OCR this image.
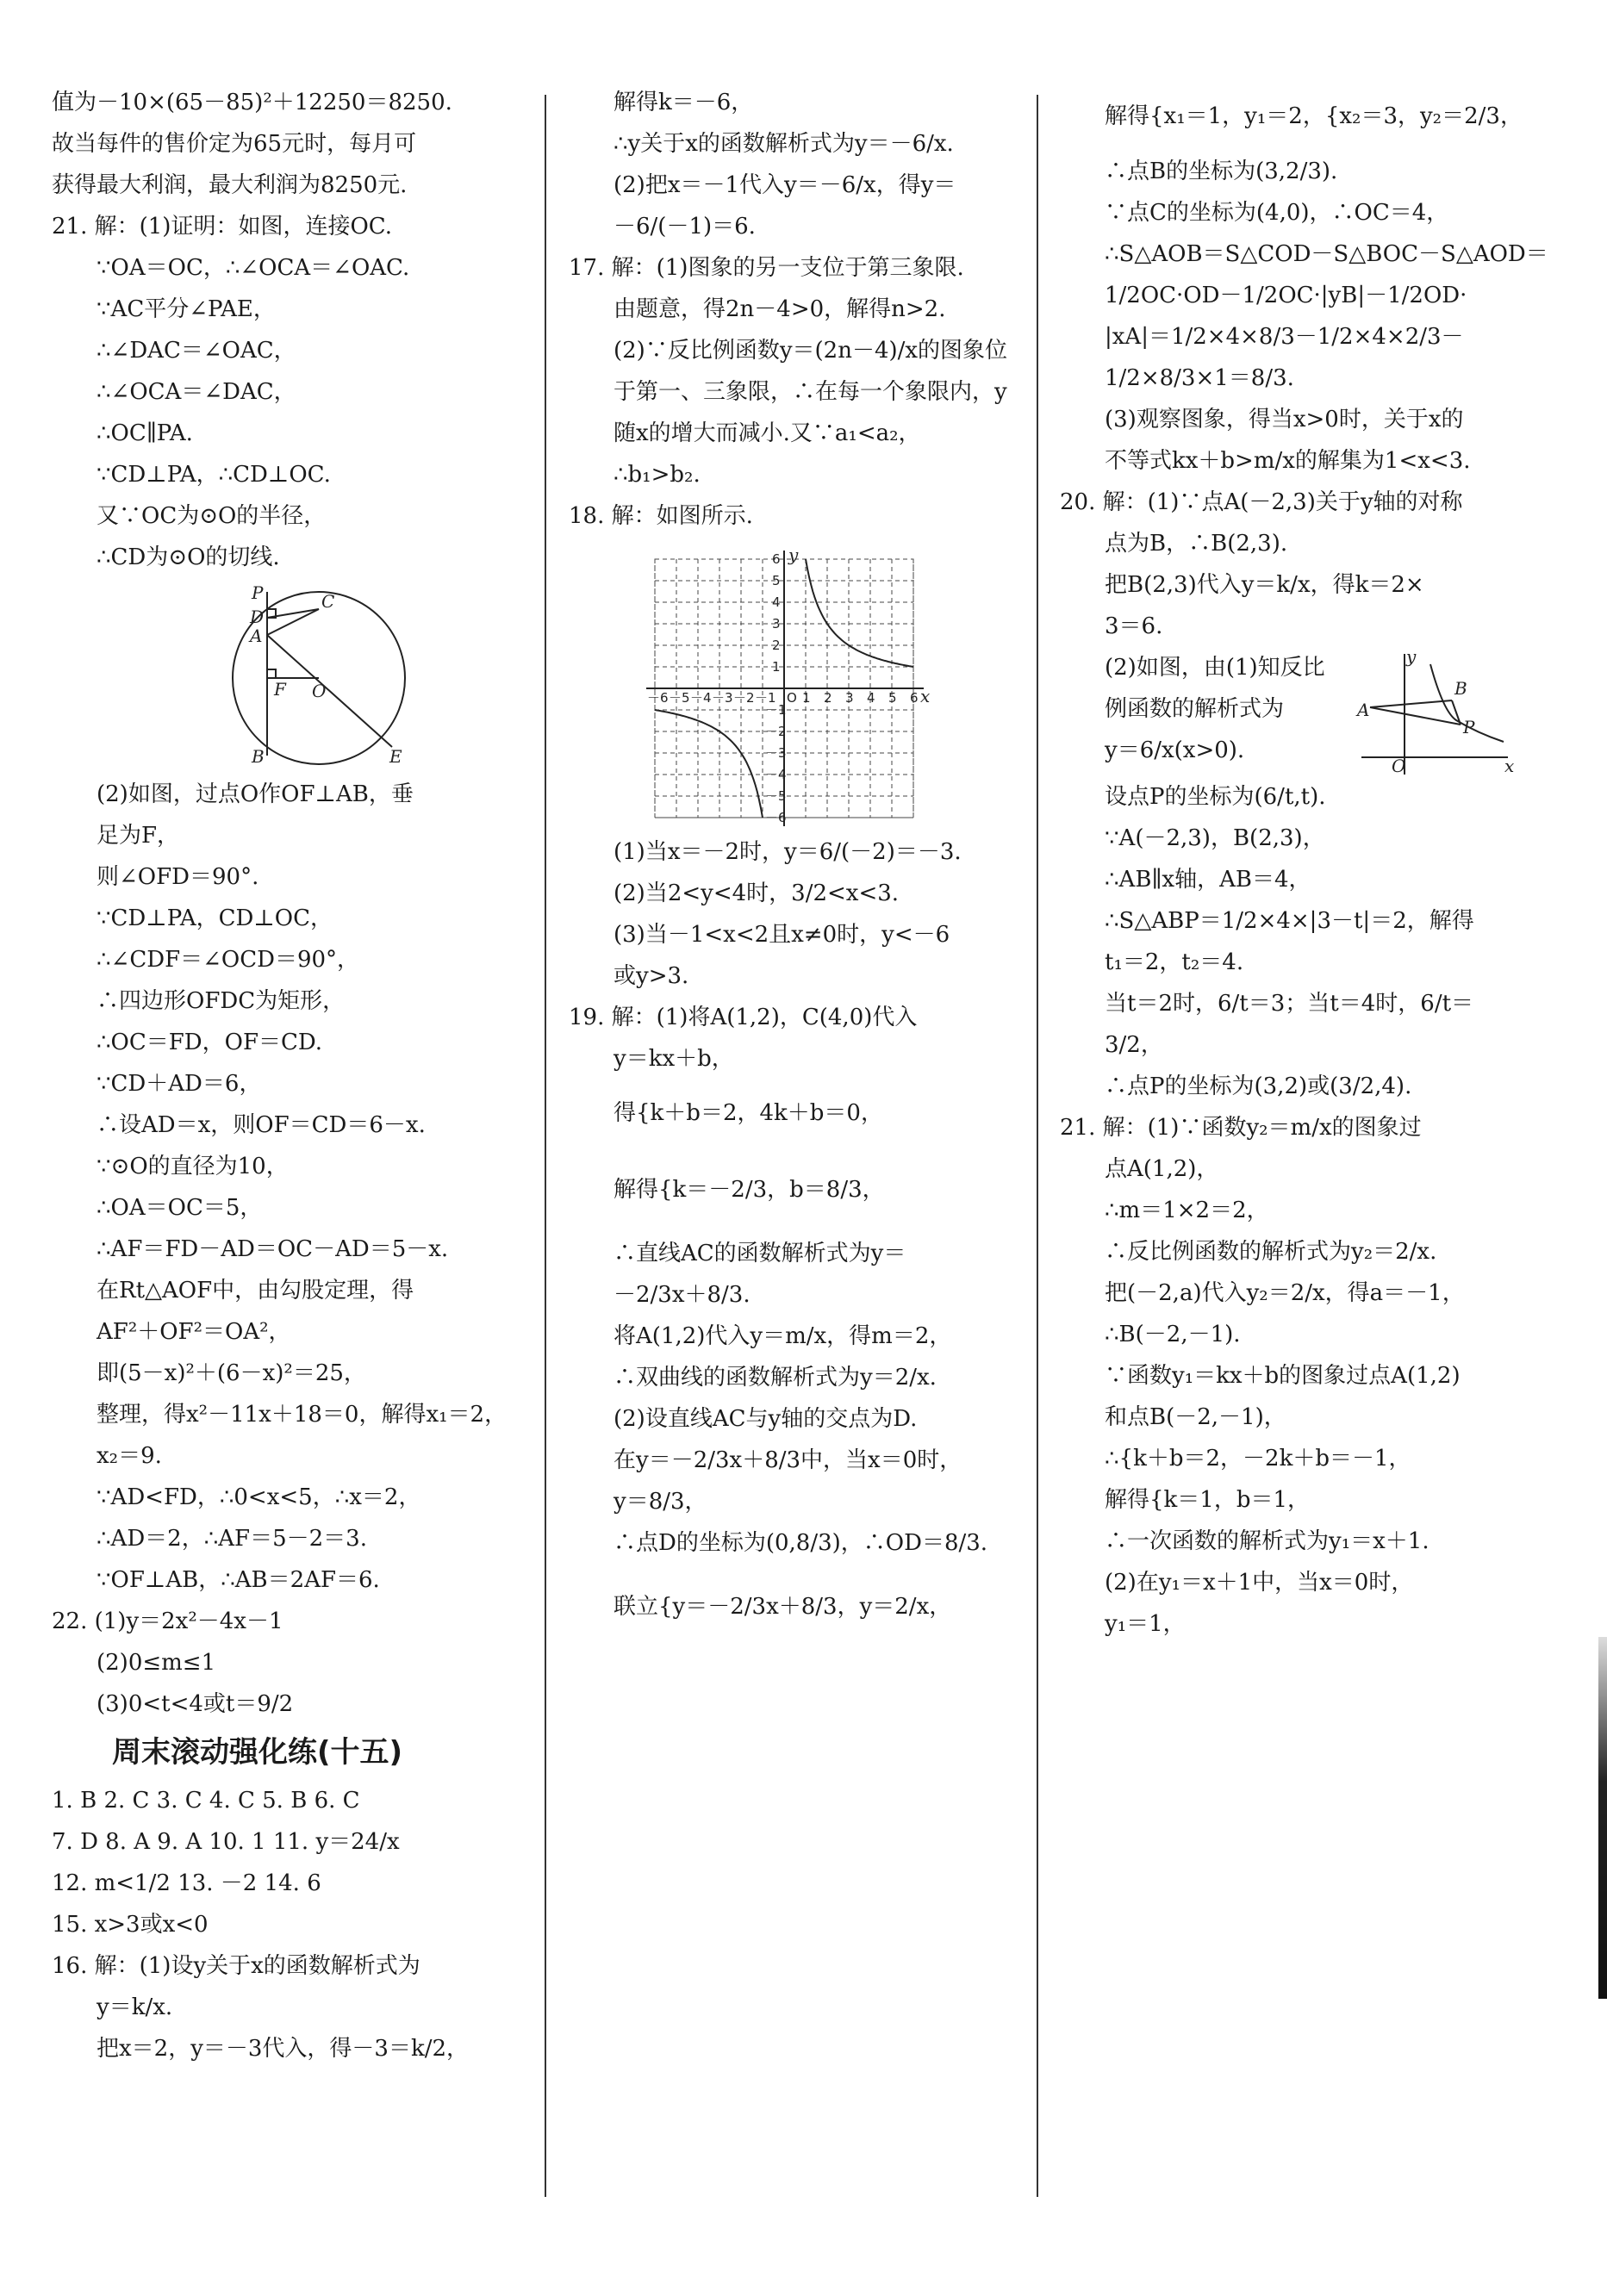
值为－10×(65－85)²＋12250＝8250.
故当每件的售价定为65元时，每月可
获得最大利润，最大利润为8250元.
21. 解：(1)证明：如图，连接OC.
∵OA＝OC，∴∠OCA＝∠OAC.
∵AC平分∠PAE，
∴∠DAC＝∠OAC，
∴∠OCA＝∠DAC，
∴OC∥PA.
∵CD⊥PA，∴CD⊥OC.
又∵OC为⊙O的半径，
∴CD为⊙O的切线.
P
D
C
A
F O
B	E
(2)如图，过点O作OF⊥AB，垂
足为F，
则∠OFD＝90°.
∵CD⊥PA，CD⊥OC，
∴∠CDF＝∠OCD＝90°，
∴四边形OFDC为矩形，
∴OC＝FD，OF＝CD.
∵CD＋AD＝6，
∴设AD＝x，则OF＝CD＝6－x.
∵⊙O的直径为10，
∴OA＝OC＝5，
∴AF＝FD－AD＝OC－AD＝5－x.
在Rt△AOF中，由勾股定理，得
AF²＋OF²＝OA²，
即(5－x)²＋(6－x)²＝25，
整理，得x²－11x＋18＝0，解得x₁＝2，
x₂＝9.
∵AD<FD，∴0<x<5，∴x＝2，
∴AD＝2，∴AF＝5－2＝3.
∵OF⊥AB，∴AB＝2AF＝6.
22. (1)y＝2x²－4x－1
(2)0≤m≤1
(3)0<t<4或t＝9/2
周末滚动强化练(十五)
1. B 2. C 3. C 4. C 5. B 6. C
7. D 8. A 9. A 10. 1 11. y＝24/x
12. m<1/2 13. －2 14. 6
15. x>3或x<0
16. 解：(1)设y关于x的函数解析式为
y＝k/x.
把x＝2，y＝－3代入，得－3＝k/2，
解得k＝－6，
∴y关于x的函数解析式为y＝－6/x.
(2)把x＝－1代入y＝－6/x，得y＝
－6/(－1)＝6.
17. 解：(1)图象的另一支位于第三象限.
由题意，得2n－4>0，解得n>2.
(2)∵反比例函数y＝(2n－4)/x的图象位
于第一、三象限，∴在每一个象限内，y
随x的增大而减小.又∵a₁<a₂，
∴b₁>b₂.
18. 解：如图所示.
x
y
O
－6
－6
－5
－5
－4
－4
－3
－3
－2
－2
－1
－1
1
1
2
2
3
3
4
4
5
5
6
6
(1)当x＝－2时，y＝6/(－2)＝－3.
(2)当2<y<4时，3/2<x<3.
(3)当－1<x<2且x≠0时，y<－6
或y>3.
19. 解：(1)将A(1,2)，C(4,0)代入
y＝kx＋b，
得{k＋b＝2，4k＋b＝0，
解得{k＝－2/3，b＝8/3，
∴直线AC的函数解析式为y＝
－2/3x＋8/3.
将A(1,2)代入y＝m/x，得m＝2，
∴双曲线的函数解析式为y＝2/x.
(2)设直线AC与y轴的交点为D.
在y＝－2/3x＋8/3中，当x＝0时，
y＝8/3，
∴点D的坐标为(0,8/3)，∴OD＝8/3.
联立{y＝－2/3x＋8/3，y＝2/x，
解得{x₁＝1，y₁＝2，{x₂＝3，y₂＝2/3，
∴点B的坐标为(3,2/3).
∵点C的坐标为(4,0)，∴OC＝4，
∴S△AOB＝S△COD－S△BOC－S△AOD＝
1/2OC·OD－1/2OC·|yB|－1/2OD·
|xA|＝1/2×4×8/3－1/2×4×2/3－
1/2×8/3×1＝8/3.
(3)观察图象，得当x>0时，关于x的
不等式kx＋b>m/x的解集为1<x<3.
20. 解：(1)∵点A(－2,3)关于y轴的对称
点为B，∴B(2,3).
把B(2,3)代入y＝k/x，得k＝2×
3＝6.
(2)如图，由(1)知反比
例函数的解析式为
y＝6/x(x>0).
y
A
B
P
O	x
设点P的坐标为(6/t,t).
∵A(－2,3)，B(2,3)，
∴AB∥x轴，AB＝4，
∴S△ABP＝1/2×4×|3－t|＝2，解得
t₁＝2，t₂＝4.
当t＝2时，6/t＝3；当t＝4时，6/t＝
3/2，
∴点P的坐标为(3,2)或(3/2,4).
21. 解：(1)∵函数y₂＝m/x的图象过
点A(1,2)，
∴m＝1×2＝2，
∴反比例函数的解析式为y₂＝2/x.
把(－2,a)代入y₂＝2/x，得a＝－1，
∴B(－2,－1).
∵函数y₁＝kx＋b的图象过点A(1,2)
和点B(－2,－1)，
∴{k＋b＝2，－2k＋b＝－1，
解得{k＝1，b＝1，
∴一次函数的解析式为y₁＝x＋1.
(2)在y₁＝x＋1中，当x＝0时，
y₁＝1，
